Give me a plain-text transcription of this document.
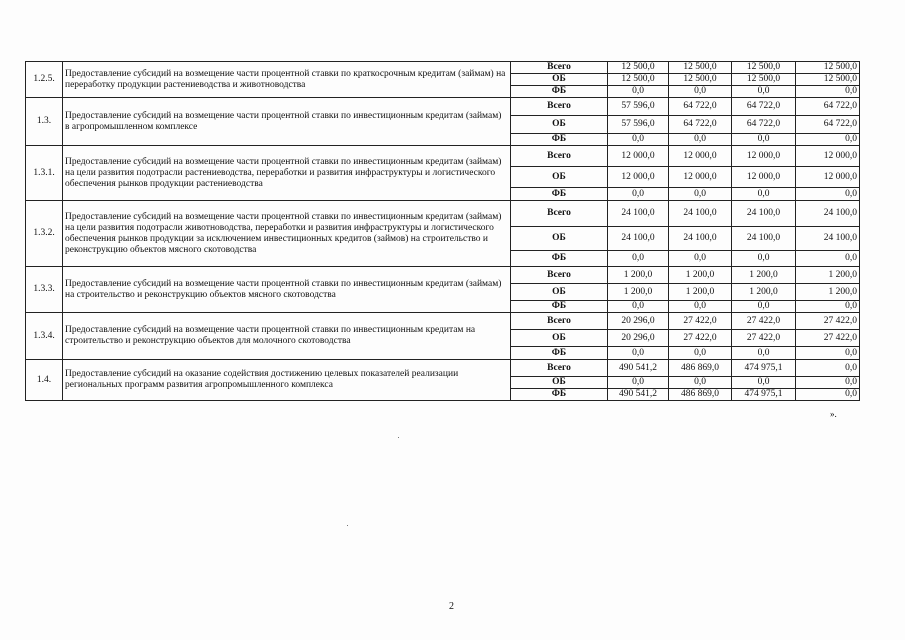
1.2.5.	Предоставление субсидий на возмещение части процентной ставки по краткосрочным кредитам (займам) на переработку продукции растениеводства и животноводства	Всего	12 500,0	12 500,0	12 500,0	12 500,0
		ОБ	12 500,0	12 500,0	12 500,0	12 500,0
		ФБ	0,0	0,0	0,0	0,0
1.3.	Предоставление субсидий на возмещение части процентной ставки по инвестиционным кредитам (займам) в агропромышленном комплексе	Всего	57 596,0	64 722,0	64 722,0	64 722,0
		ОБ	57 596,0	64 722,0	64 722,0	64 722,0
		ФБ	0,0	0,0	0,0	0,0
1.3.1.	Предоставление субсидий на возмещение части процентной ставки по инвестиционным кредитам (займам) на цели развития подотрасли растениеводства, переработки и развития инфраструктуры и логистического обеспечения рынков продукции растениеводства	Всего	12 000,0	12 000,0	12 000,0	12 000,0
		ОБ	12 000,0	12 000,0	12 000,0	12 000,0
		ФБ	0,0	0,0	0,0	0,0
1.3.2.	Предоставление субсидий на возмещение части процентной ставки по инвестиционным кредитам (займам) на цели развития подотрасли животноводства, переработки и развития инфраструктуры и логистического обеспечения рынков продукции за исключением инвестиционных кредитов (займов) на строительство и реконструкцию объектов мясного скотоводства	Всего	24 100,0	24 100,0	24 100,0	24 100,0
		ОБ	24 100,0	24 100,0	24 100,0	24 100,0
		ФБ	0,0	0,0	0,0	0,0
1.3.3.	Предоставление субсидий на возмещение части процентной ставки по инвестиционным кредитам (займам) на строительство и реконструкцию объектов мясного скотоводства	Всего	1 200,0	1 200,0	1 200,0	1 200,0
		ОБ	1 200,0	1 200,0	1 200,0	1 200,0
		ФБ	0,0	0,0	0,0	0,0
1.3.4.	Предоставление субсидий на возмещение части процентной ставки по инвестиционным кредитам на строительство и реконструкцию объектов для молочного скотоводства	Всего	20 296,0	27 422,0	27 422,0	27 422,0
		ОБ	20 296,0	27 422,0	27 422,0	27 422,0
		ФБ	0,0	0,0	0,0	0,0
1.4.	Предоставление субсидий на оказание содействия достижению целевых показателей реализации региональных программ развития агропромышленного комплекса	Всего	490 541,2	486 869,0	474 975,1	0,0
		ОБ	0,0	0,0	0,0	0,0
		ФБ	490 541,2	486 869,0	474 975,1	0,0
».
2
